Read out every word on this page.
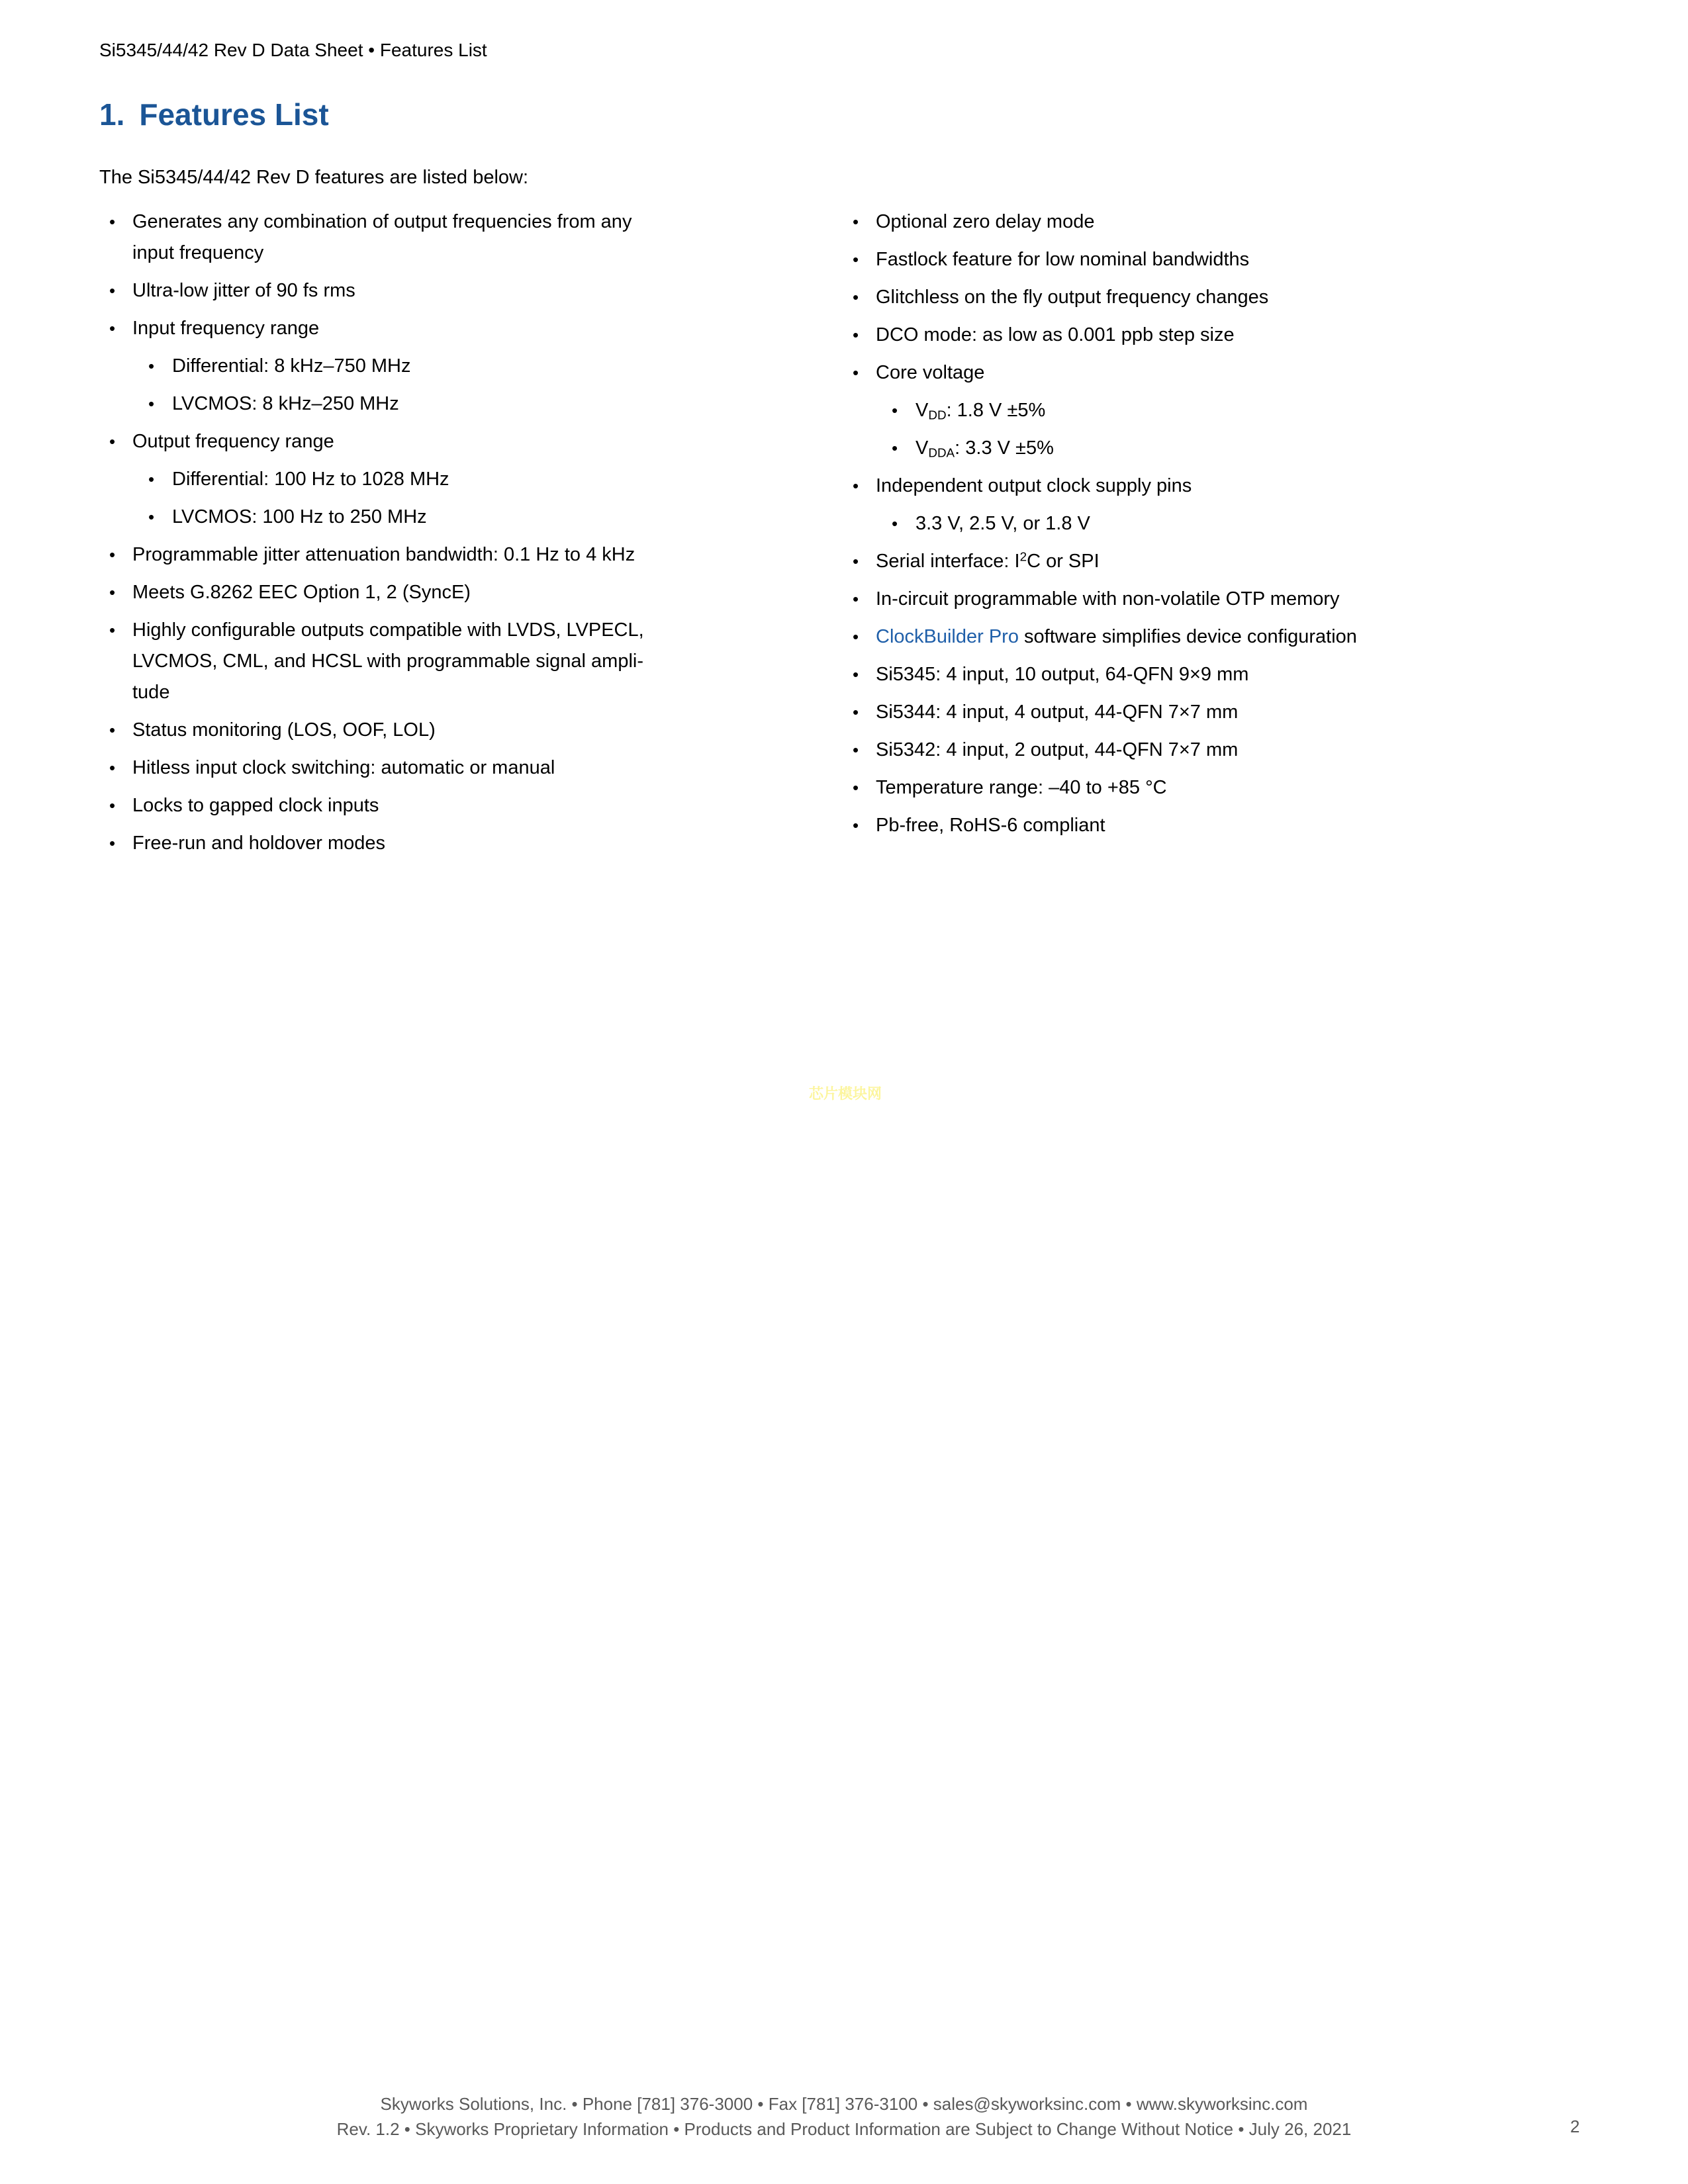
Si5345/44/42 Rev D Data Sheet • Features List
1. Features List

The Si5345/44/42 Rev D features are listed below:

• Generates any combination of output frequencies from any
input frequency
• Ultra-low jitter of 90 fs rms
• Input frequency range
• Differential: 8 kHz–750 MHz
• LVCMOS: 8 kHz–250 MHz
• Output frequency range
• Differential: 100 Hz to 1028 MHz
• LVCMOS: 100 Hz to 250 MHz
• Programmable jitter attenuation bandwidth: 0.1 Hz to 4 kHz
• Meets G.8262 EEC Option 1, 2 (SyncE)
• Highly configurable outputs compatible with LVDS, LVPECL,
LVCMOS, CML, and HCSL with programmable signal ampli-
tude
• Status monitoring (LOS, OOF, LOL)
• Hitless input clock switching: automatic or manual
• Locks to gapped clock inputs
• Free-run and holdover modes
• Optional zero delay mode
• Fastlock feature for low nominal bandwidths
• Glitchless on the fly output frequency changes
• DCO mode: as low as 0.001 ppb step size
• Core voltage
• $V_{DD}$: 1.8 V ±5%
• $V_{DDA}$: 3.3 V ±5%
• Independent output clock supply pins
• 3.3 V, 2.5 V, or 1.8 V
• Serial interface: $I^2C$ or SPI
• In-circuit programmable with non-volatile OTP memory
• ClockBuilder Pro software simplifies device configuration
• Si5345: 4 input, 10 output, 64-QFN 9×9 mm
• Si5344: 4 input, 4 output, 44-QFN 7×7 mm
• Si5342: 4 input, 2 output, 44-QFN 7×7 mm
• Temperature range: –40 to +85 °C
• Pb-free, RoHS-6 compliant
芯片模块网
Skyworks Solutions, Inc. • Phone [781] 376-3000 • Fax [781] 376-3100 • sales@skyworksinc.com • www.skyworksinc.com
Rev. 1.2 • Skyworks Proprietary Information • Products and Product Information are Subject to Change Without Notice • July 26, 2021	2
